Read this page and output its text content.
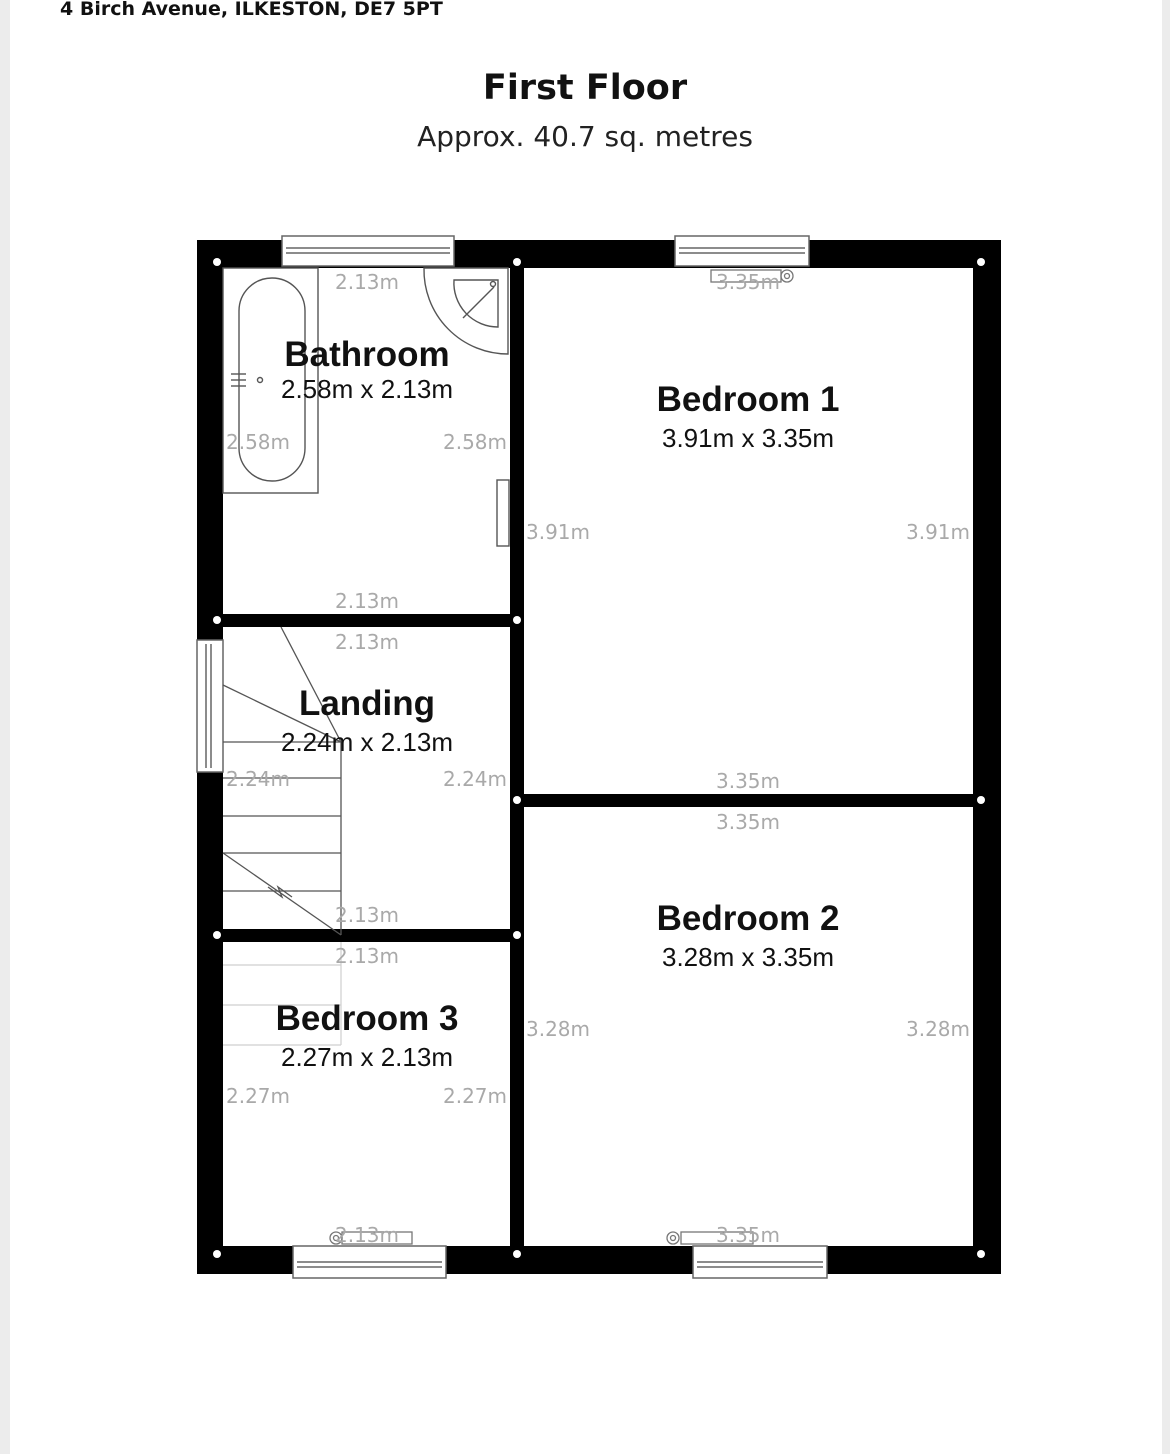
4 Birch Avenue, ILKESTON, DE7 5PT
First Floor
Approx. 40.7 sq. metres
2.13m
2.58m	2.58m
2.13m
3.35m
3.91m	3.91m
3.35m
2.13m
2.24m	2.24m
2.13m
3.35m
3.28m	3.28m
3.35m
2.13m
2.27m	2.27m
2.13m
Bathroom
2.58m x 2.13m	Bedroom 1
3.91m x 3.35m
Landing
2.24m x 2.13m
Bedroom 2
3.28m x 3.35m
Bedroom 3
2.27m x 2.13m
